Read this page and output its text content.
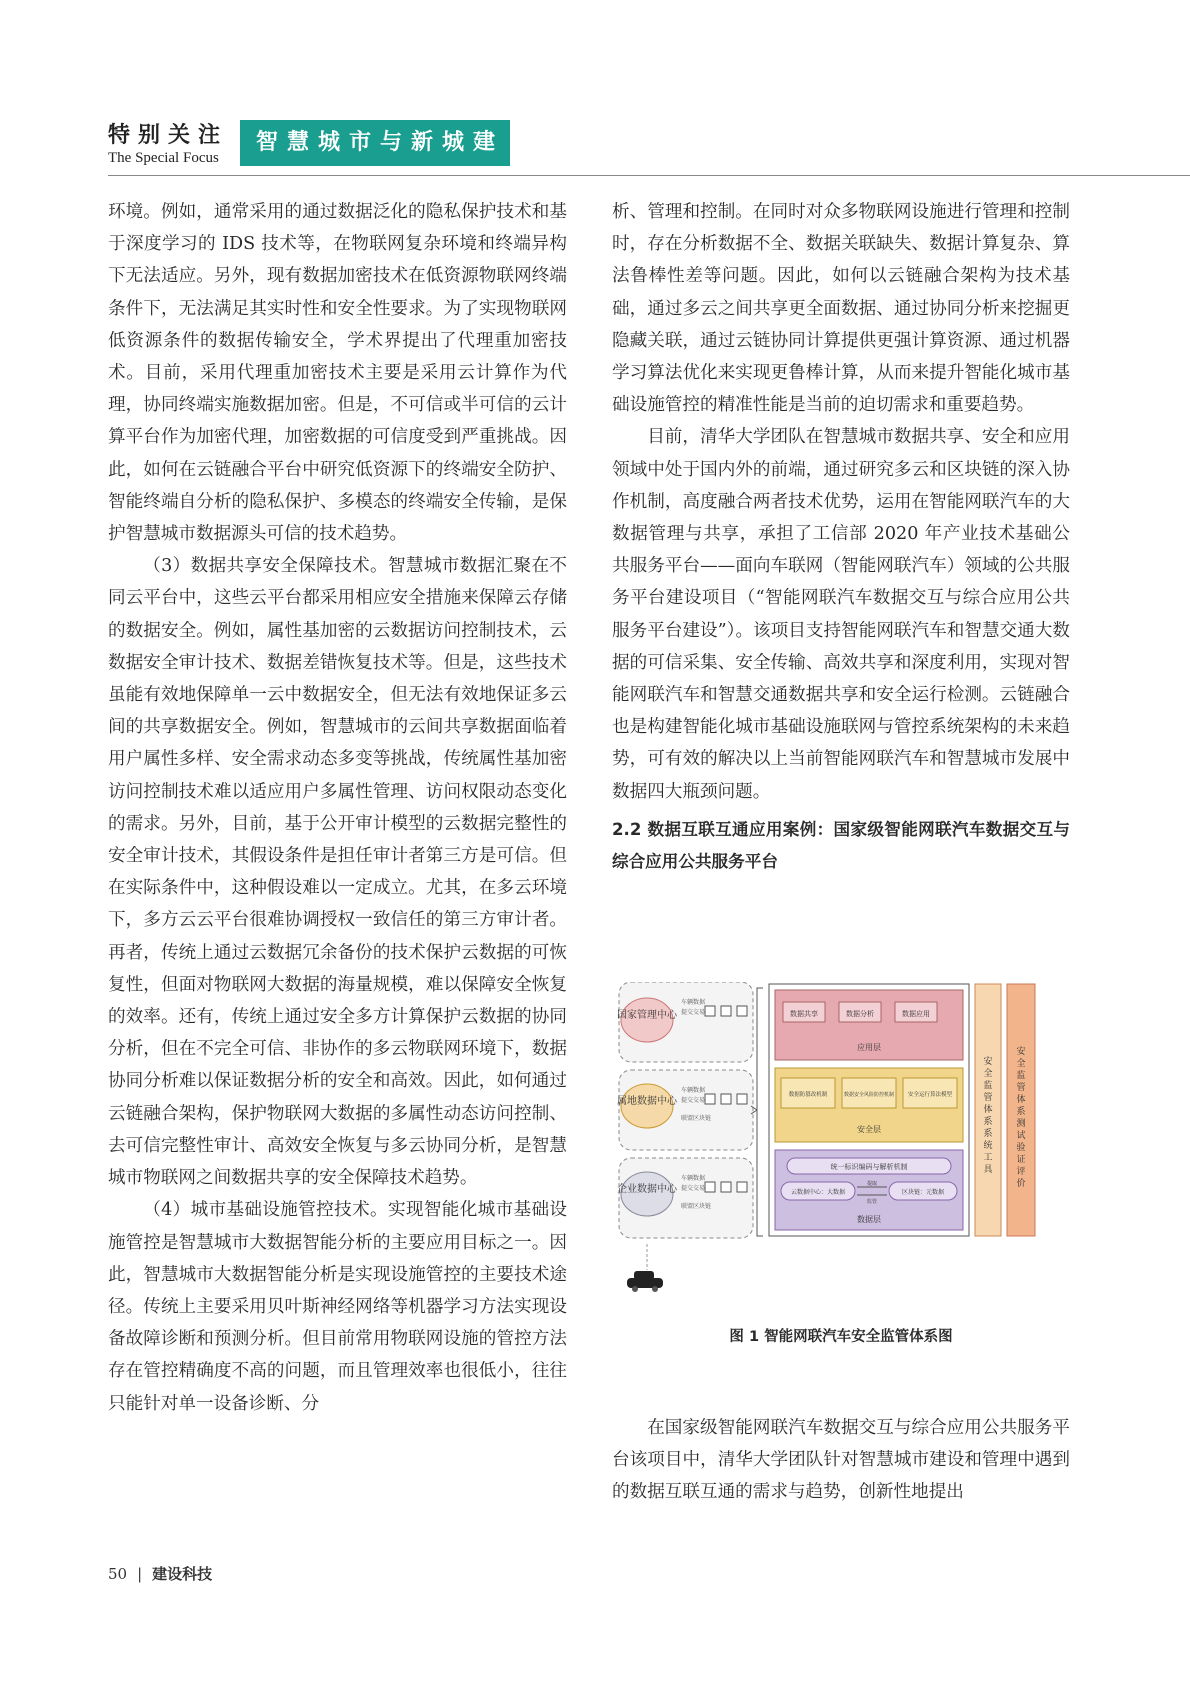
特别关注
The Special Focus
智慧城市与新城建

环境。例如，通常采用的通过数据泛化的隐私保护技术和基于深度学习的 IDS 技术等，在物联网复杂环境和终端异构下无法适应。另外，现有数据加密技术在低资源物联网终端条件下，无法满足其实时性和安全性要求。为了实现物联网低资源条件的数据传输安全，学术界提出了代理重加密技术。目前，采用代理重加密技术主要是采用云计算作为代理，协同终端实施数据加密。但是，不可信或半可信的云计算平台作为加密代理，加密数据的可信度受到严重挑战。因此，如何在云链融合平台中研究低资源下的终端安全防护、智能终端自分析的隐私保护、多模态的终端安全传输，是保护智慧城市数据源头可信的技术趋势。

（3）数据共享安全保障技术。智慧城市数据汇聚在不同云平台中，这些云平台都采用相应安全措施来保障云存储的数据安全。例如，属性基加密的云数据访问控制技术，云数据安全审计技术、数据差错恢复技术等。但是，这些技术虽能有效地保障单一云中数据安全，但无法有效地保证多云间的共享数据安全。例如，智慧城市的云间共享数据面临着用户属性多样、安全需求动态多变等挑战，传统属性基加密访问控制技术难以适应用户多属性管理、访问权限动态变化的需求。另外，目前，基于公开审计模型的云数据完整性的安全审计技术，其假设条件是担任审计者第三方是可信。但在实际条件中，这种假设难以一定成立。尤其，在多云环境下，多方云云平台很难协调授权一致信任的第三方审计者。再者，传统上通过云数据冗余备份的技术保护云数据的可恢复性，但面对物联网大数据的海量规模，难以保障安全恢复的效率。还有，传统上通过安全多方计算保护云数据的协同分析，但在不完全可信、非协作的多云物联网环境下，数据协同分析难以保证数据分析的安全和高效。因此，如何通过云链融合架构，保护物联网大数据的多属性动态访问控制、去可信完整性审计、高效安全恢复与多云协同分析，是智慧城市物联网之间数据共享的安全保障技术趋势。

（4）城市基础设施管控技术。实现智能化城市基础设施管控是智慧城市大数据智能分析的主要应用目标之一。因此，智慧城市大数据智能分析是实现设施管控的主要技术途径。传统上主要采用贝叶斯神经网络等机器学习方法实现设备故障诊断和预测分析。但目前常用物联网设施的管控方法存在管控精确度不高的问题，而且管理效率也很低小，往往只能针对单一设备诊断、分

析、管理和控制。在同时对众多物联网设施进行管理和控制时，存在分析数据不全、数据关联缺失、数据计算复杂、算法鲁棒性差等问题。因此，如何以云链融合架构为技术基础，通过多云之间共享更全面数据、通过协同分析来挖掘更隐藏关联，通过云链协同计算提供更强计算资源、通过机器学习算法优化来实现更鲁棒计算，从而来提升智能化城市基础设施管控的精准性能是当前的迫切需求和重要趋势。

目前，清华大学团队在智慧城市数据共享、安全和应用领域中处于国内外的前端，通过研究多云和区块链的深入协作机制，高度融合两者技术优势，运用在智能网联汽车的大数据管理与共享，承担了工信部 2020 年产业技术基础公共服务平台——面向车联网（智能网联汽车）领域的公共服务平台建设项目（“智能网联汽车数据交互与综合应用公共服务平台建设”）。该项目支持智能网联汽车和智慧交通大数据的可信采集、安全传输、高效共享和深度利用，实现对智能网联汽车和智慧交通数据共享和安全运行检测。云链融合也是构建智能化城市基础设施联网与管控系统架构的未来趋势，可有效的解决以上当前智能网联汽车和智慧城市发展中数据四大瓶颈问题。

2.2 数据互联互通应用案例：国家级智能网联汽车数据交互与综合应用公共服务平台

国家管理中心
属地数据中心
企业数据中心
车辆数据
提交交易
车辆数据
提交交易
联盟区块链
车辆数据
提交交易
联盟区块链
数据共享	数据分析	数据应用
应用层
数据防篡改机制	数据安全风险防控机制	安全运行算法模型
安全层
统一标识编码与解析机制
云数据中心：大数据	区块链：元数据
提取
监管
数据层
安全监管体系系统工具
安全监管体系测试验证评价
图 1 智能网联汽车安全监管体系图

在国家级智能网联汽车数据交互与综合应用公共服务平台该项目中，清华大学团队针对智慧城市建设和管理中遇到的数据互联互通的需求与趋势，创新性地提出

50 | 建设科技
